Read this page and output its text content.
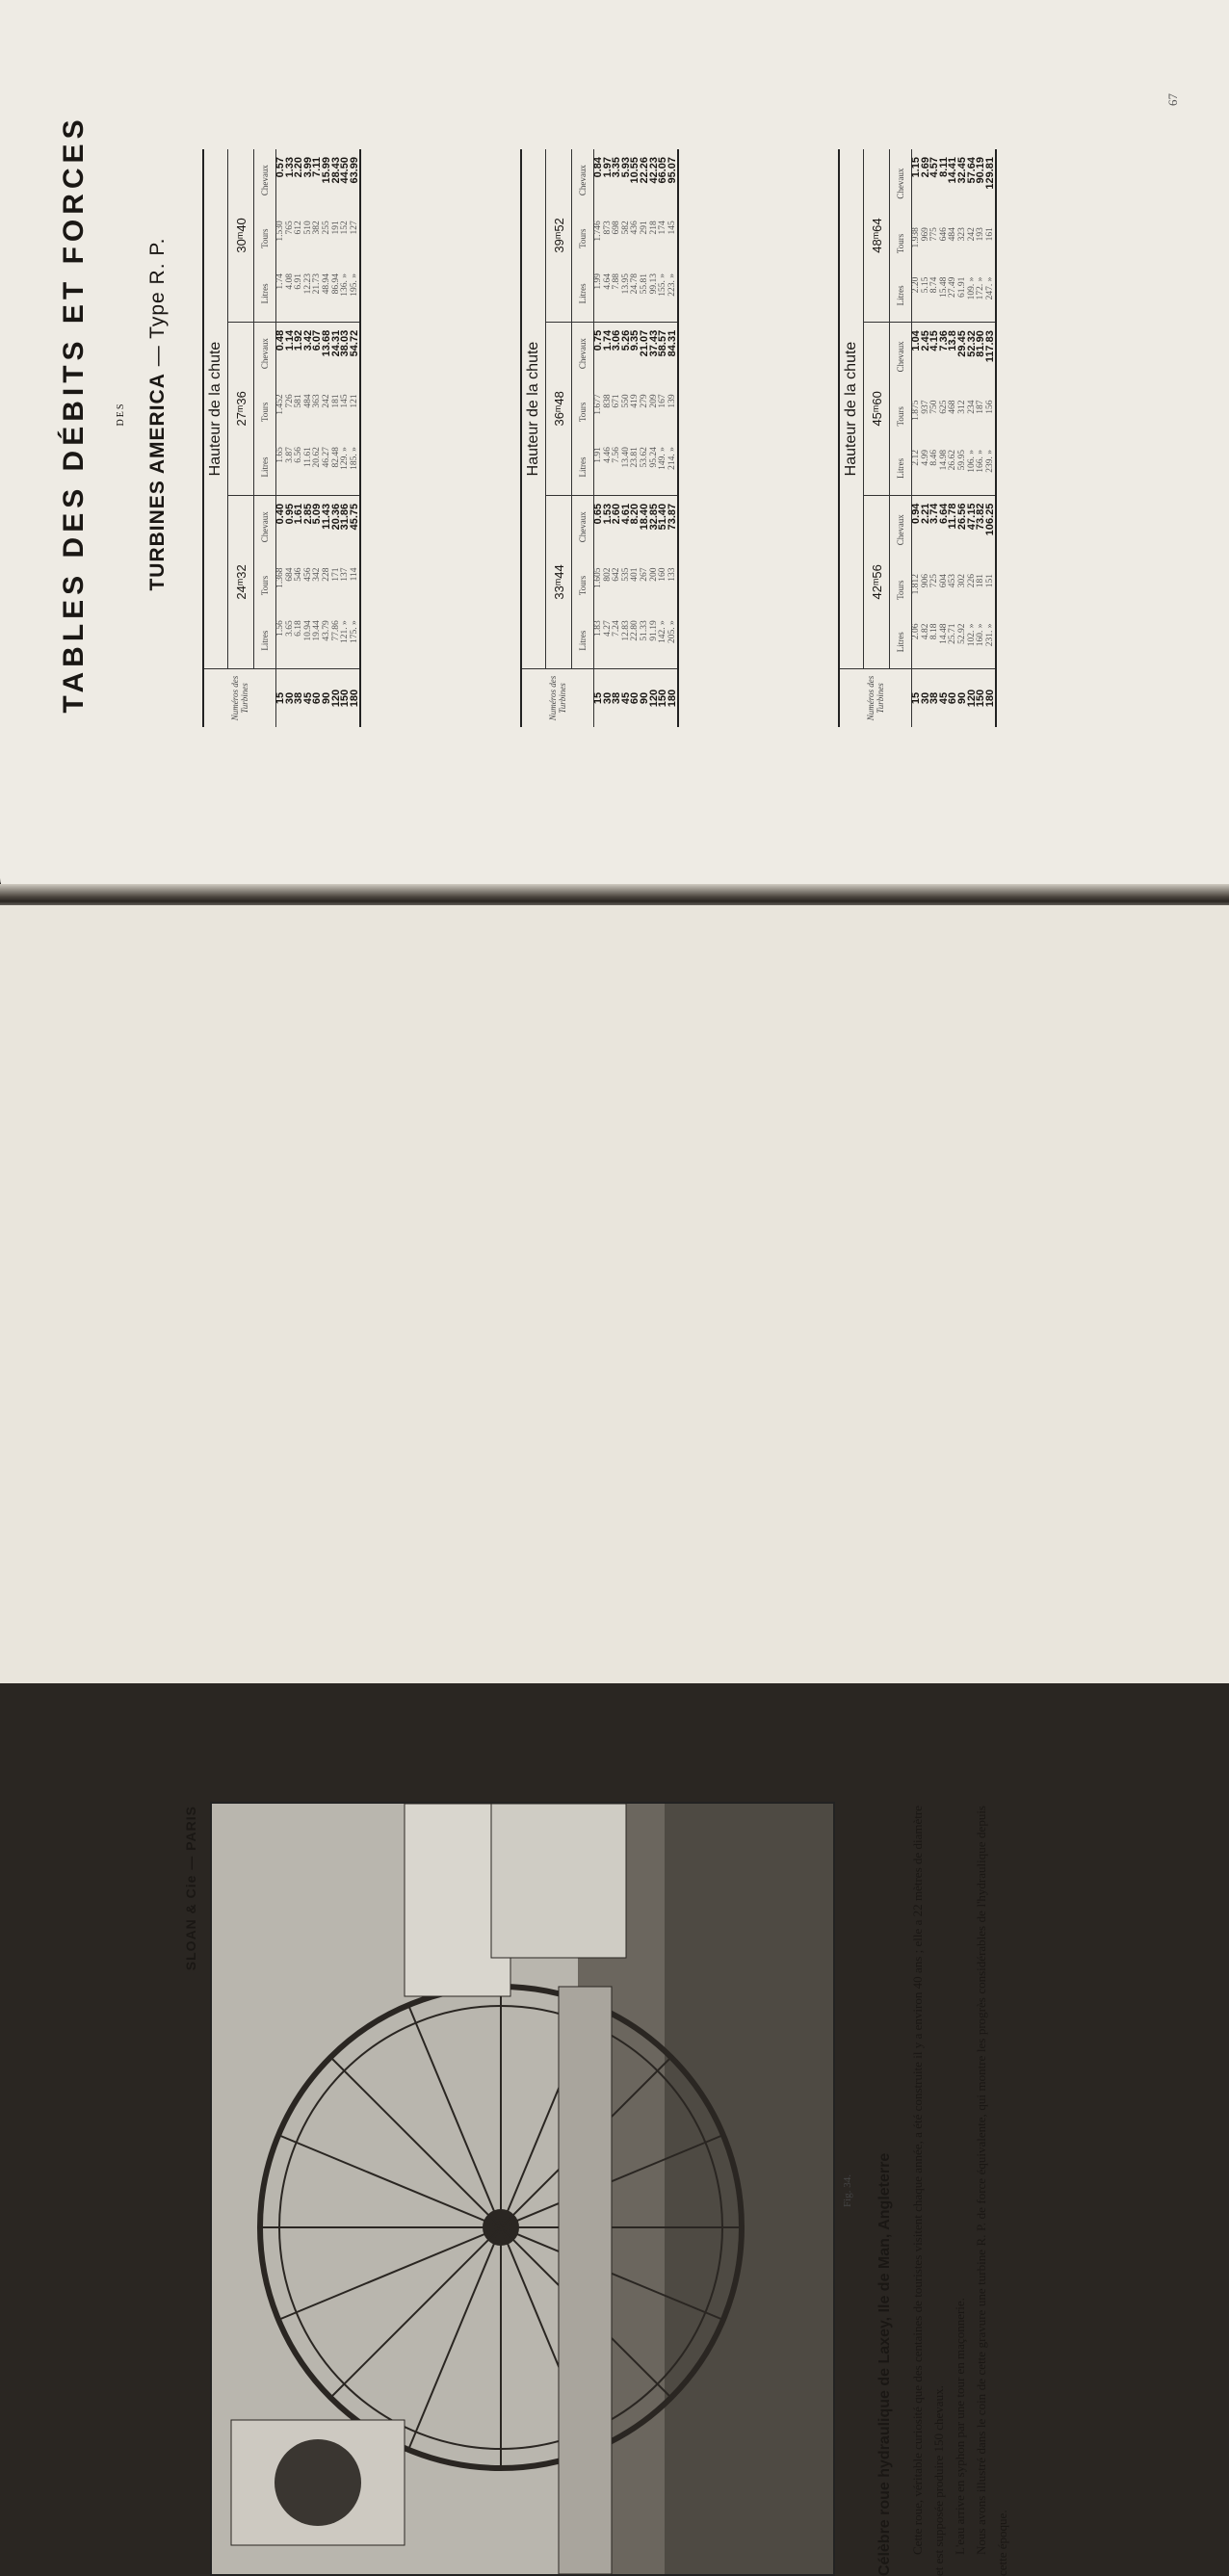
TABLES DES DÉBITS ET FORCES	DES TURBINES AMERICA — Type R. P.
Numéros des Turbines	Hauteur de la chute								
	24ᵐ32			27ᵐ36			30ᵐ40		
	Litres	Tours	Chevaux	Litres	Tours	Chevaux	Litres	Tours	Chevaux
15	1.56	1.368	0.40	1.65	1.452	0.48	1.74	1.530	0.57
30	3.65	684	0.95	3.87	726	1.14	4.08	765	1.33
38	6.18	546	1.61	6.56	581	1.92	6.91	612	2.20
45	10.94	456	2.85	11.61	484	3.42	12.23	510	3.99
60	19.44	342	5.09	20.62	363	6.07	21.73	382	7.11
90	43.79	228	11.43	46.27	242	13.68	48.94	255	15.99
120	77.86	171	20.36	82.48	181	24.31	86.94	191	28.43
150	121. »	137	31.86	129. »	145	38.03	136. »	152	44.50
180	175. »	114	45.75	185. »	121	54.72	195. »	127	63.99
Numéros des Turbines	Hauteur de la chute								
	33ᵐ44			36ᵐ48			39ᵐ52		
	Litres	Tours	Chevaux	Litres	Tours	Chevaux	Litres	Tours	Chevaux
15	1.83	1.605	0.65	1.91	1.677	0.75	1.99	1.746	0.84
30	4.27	802	1.53	4.46	838	1.74	4.64	873	1.97
38	7.24	642	2.60	7.56	671	3.06	7.88	698	3.35
45	12.83	535	4.61	13.40	550	5.26	13.95	582	5.93
60	22.80	401	8.20	23.81	419	9.35	24.78	436	10.55
90	51.33	267	18.40	53.62	279	21.07	55.81	291	22.26
120	91.19	200	32.85	95.24	209	37.43	99.13	218	42.23
150	142. »	160	51.40	149. »	167	58.57	155. »	174	66.05
180	205. »	133	73.87	214. »	139	84.31	223. »	145	95.07
Numéros des Turbines	Hauteur de la chute								
	42ᵐ56			45ᵐ60			48ᵐ64		
	Litres	Tours	Chevaux	Litres	Tours	Chevaux	Litres	Tours	Chevaux
15	2.06	1.812	0.94	2.12	1.875	1.04	2.20	1.938	1.15
30	4.82	906	2.21	4.99	937	2.45	5.15	969	2.69
38	8.18	725	3.74	8.46	750	4.15	8.74	775	4.57
45	14.48	604	6.64	14.98	625	7.36	15.48	646	8.11
60	25.71	453	11.78	26.62	468	13.8	27.49	484	14.41
90	52.92	302	26.56	59.95	312	29.45	61.91	323	32.45
120	102. »	226	47.15	106. »	234	52.32	109. »	242	57.64
150	160. »	181	73.82	166. »	187	81.90	172. »	193	90.19
180	231. »	151	106.25	239. »	156	117.83	247. »	161	129.81
67
SLOAN & Cie — PARIS
Fig. 34. Célèbre roue hydraulique de Laxey, Ile de Man, Angleterre Cette roue, véritable curiosité que des centaines de touristes visitent chaque année, a été construite il y a environ 40 ans ; elle a 22 mètres de diamètre et est supposée produire 150 chevaux. L'eau arrive en syphon par une tour en maçonnerie. Nous avons illustré dans le coin de cette gravure une turbine R. P. de force équivalente, qui montre les progrès considérables de l'hydraulique depuis cette époque.
